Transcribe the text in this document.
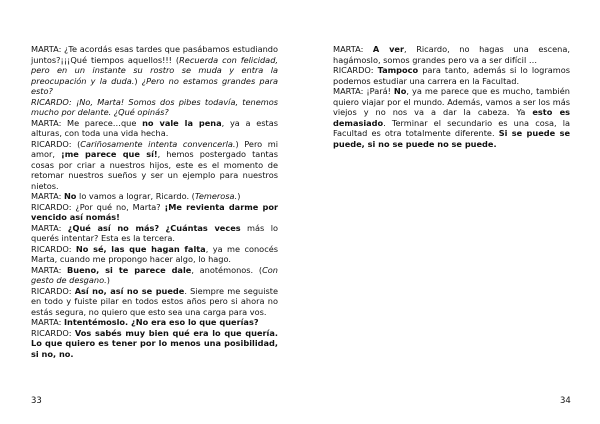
MARTA: ¿Te acordás esas tardes que pasábamos estudiando juntos?¡¡¡Qué tiempos aquellos!!! (Recuerda con felicidad, pero en un instante su rostro se muda y entra la preocupación y la duda.) ¿Pero no estamos grandes para esto?

RICARDO: ¡No, Marta! Somos dos pibes todavía, tenemos mucho por delante. ¿Qué opinás?

MARTA: Me parece…que no vale la pena, ya a estas alturas, con toda una vida hecha.

RICARDO: (Cariñosamente intenta convencerla.) Pero mi amor, ¡me parece que sí!, hemos postergado tantas cosas por criar a nuestros hijos, este es el momento de retomar nuestros sueños y ser un ejemplo para nuestros nietos.

MARTA: No lo vamos a lograr, Ricardo. (Temerosa.)

RICARDO: ¿Por qué no, Marta? ¡Me revienta darme por vencido así nomás!

MARTA: ¿Qué así no más? ¿Cuántas veces más lo querés intentar? Esta es la tercera.

RICARDO: No sé, las que hagan falta, ya me conocés Marta, cuando me propongo hacer algo, lo hago.

MARTA: Bueno, si te parece dale, anotémonos. (Con gesto de desgano.)

RICARDO: Así no, así no se puede. Siempre me seguiste en todo y fuiste pilar en todos estos años pero si ahora no estás segura, no quiero que esto sea una carga para vos.

MARTA: Intentémoslo. ¿No era eso lo que querías?

RICARDO: Vos sabés muy bien qué era lo que quería. Lo que quiero es tener por lo menos una posibilidad, si no, no.

33

MARTA: A ver, Ricardo, no hagas una escena, hagámoslo, somos grandes pero va a ser difícil …

RICARDO: Tampoco para tanto, además si lo logramos podemos estudiar una carrera en la Facultad.

MARTA: ¡Pará! No, ya me parece que es mucho, también quiero viajar por el mundo. Además, vamos a ser los más viejos y no nos va a dar la cabeza. Ya esto es demasiado. Terminar el secundario es una cosa, la Facultad es otra totalmente diferente. Si se puede se puede, si no se puede no se puede.

34
